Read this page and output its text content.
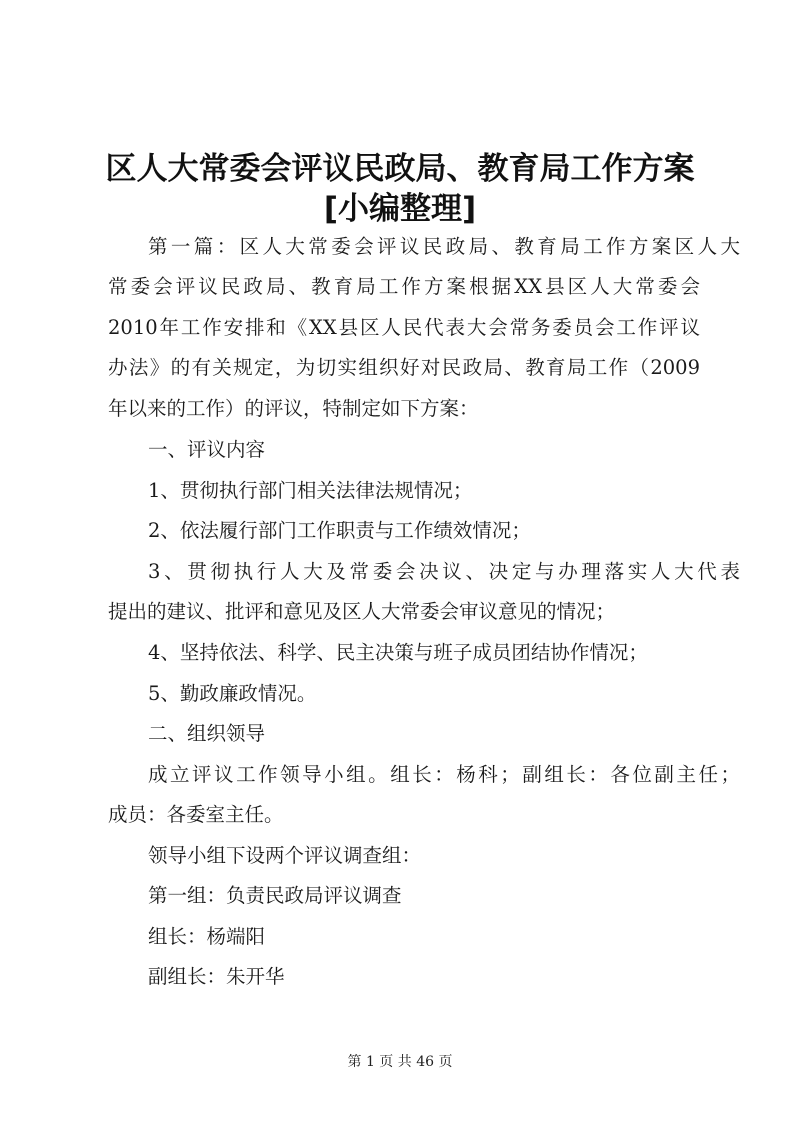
区人大常委会评议民政局、教育局工作方案
[小编整理]
第一篇：区人大常委会评议民政局、教育局工作方案区人大
常委会评议民政局、教育局工作方案根据XX县区人大常委会
2010年工作安排和《XX县区人民代表大会常务委员会工作评议
办法》的有关规定，为切实组织好对民政局、教育局工作（2009
年以来的工作）的评议，特制定如下方案：
一、评议内容
1、贯彻执行部门相关法律法规情况；
2、依法履行部门工作职责与工作绩效情况；
3、贯彻执行人大及常委会决议、决定与办理落实人大代表
提出的建议、批评和意见及区人大常委会审议意见的情况；
4、坚持依法、科学、民主决策与班子成员团结协作情况；
5、勤政廉政情况。
二、组织领导
成立评议工作领导小组。组长：杨科；副组长：各位副主任；
成员：各委室主任。
领导小组下设两个评议调查组：
第一组：负责民政局评议调查
组长：杨端阳
副组长：朱开华
第 1 页 共 46 页
